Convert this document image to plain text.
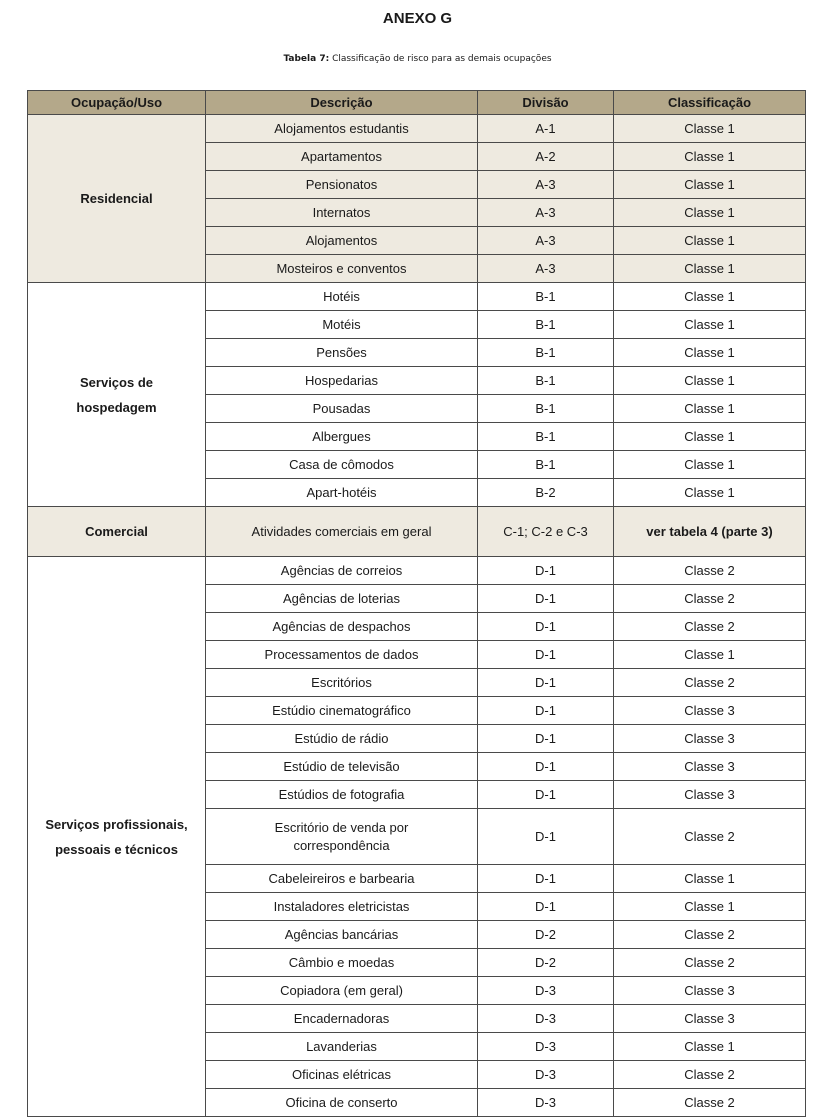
ANEXO G
Tabela 7: Classificação de risco para as demais ocupações
Ocupação/Uso	Descrição	Divisão	Classificação
Residencial	Alojamentos estudantis	A-1	Classe 1
	Apartamentos	A-2	Classe 1
	Pensionatos	A-3	Classe 1
	Internatos	A-3	Classe 1
	Alojamentos	A-3	Classe 1
	Mosteiros e conventos	A-3	Classe 1
Serviços de
hospedagem	Hotéis	B-1	Classe 1
	Motéis	B-1	Classe 1
	Pensões	B-1	Classe 1
	Hospedarias	B-1	Classe 1
	Pousadas	B-1	Classe 1
	Albergues	B-1	Classe 1
	Casa de cômodos	B-1	Classe 1
	Apart-hotéis	B-2	Classe 1
Comercial	Atividades comerciais em geral	C-1; C-2 e C-3	ver tabela 4 (parte 3)
Serviços profissionais,
pessoais e técnicos	Agências de correios	D-1	Classe 2
	Agências de loterias	D-1	Classe 2
	Agências de despachos	D-1	Classe 2
	Processamentos de dados	D-1	Classe 1
	Escritórios	D-1	Classe 2
	Estúdio cinematográfico	D-1	Classe 3
	Estúdio de rádio	D-1	Classe 3
	Estúdio de televisão	D-1	Classe 3
	Estúdios de fotografia	D-1	Classe 3
	Escritório de venda por
correspondência	D-1	Classe 2
	Cabeleireiros e barbearia	D-1	Classe 1
	Instaladores eletricistas	D-1	Classe 1
	Agências bancárias	D-2	Classe 2
	Câmbio e moedas	D-2	Classe 2
	Copiadora (em geral)	D-3	Classe 3
	Encadernadoras	D-3	Classe 3
	Lavanderias	D-3	Classe 1
	Oficinas elétricas	D-3	Classe 2
	Oficina de conserto	D-3	Classe 2
